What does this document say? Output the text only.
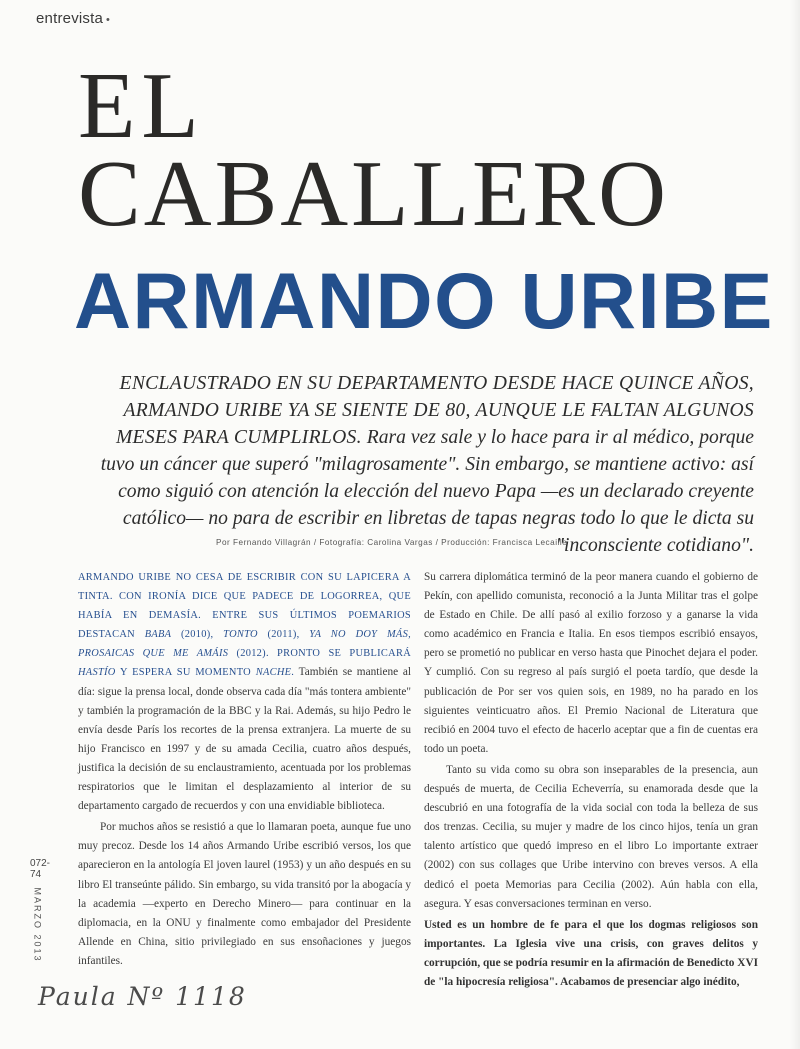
entrevista •
EL
CABALLERO
ARMANDO URIBE
ENCLAUSTRADO EN SU DEPARTAMENTO DESDE HACE QUINCE AÑOS, ARMANDO URIBE YA SE SIENTE DE 80, AUNQUE LE FALTAN ALGUNOS MESES PARA CUMPLIRLOS. Rara vez sale y lo hace para ir al médico, porque tuvo un cáncer que superó "milagrosamente". Sin embargo, se mantiene activo: así como siguió con atención la elección del nuevo Papa —es un declarado creyente católico— no para de escribir en libretas de tapas negras todo lo que le dicta su "inconsciente cotidiano".
Por Fernando Villagrán / Fotografía: Carolina Vargas / Producción: Francisca Lecaille

ARMANDO URIBE NO CESA DE ESCRIBIR CON SU LAPICERA A TINTA. CON IRONÍA DICE QUE PADECE DE LOGORREA, QUE HABÍA EN DEMASÍA. ENTRE SUS ÚLTIMOS POEMARIOS DESTACAN BABA (2010), TONTO (2011), YA NO DOY MÁS, PROSAICAS QUE ME AMÁIS (2012). PRONTO SE PUBLICARÁ HASTÍO Y ESPERA SU MOMENTO NACHE. También se mantiene al día: sigue la prensa local, donde observa cada día "más tontera ambiente" y también la programación de la BBC y la Rai. Además, su hijo Pedro le envía desde París los recortes de la prensa extranjera. La muerte de su hijo Francisco en 1997 y de su amada Cecilia, cuatro años después, justifica la decisión de su enclaustramiento, acentuada por los problemas respiratorios que le limitan el desplazamiento al interior de su departamento cargado de recuerdos y con una envidiable biblioteca.

Por muchos años se resistió a que lo llamaran poeta, aunque fue uno muy precoz. Desde los 14 años Armando Uribe escribió versos, los que aparecieron en la antología El joven laurel (1953) y un año después en su libro El transeúnte pálido. Sin embargo, su vida transitó por la abogacía y la academia —experto en Derecho Minero— para continuar en la diplomacia, en la ONU y finalmente como embajador del Presidente Allende en China, sitio privilegiado en sus ensoñaciones y juegos infantiles.

Su carrera diplomática terminó de la peor manera cuando el gobierno de Pekín, con apellido comunista, reconoció a la Junta Militar tras el golpe de Estado en Chile. De allí pasó al exilio forzoso y a ganarse la vida como académico en Francia e Italia. En esos tiempos escribió ensayos, pero se prometió no publicar en verso hasta que Pinochet dejara el poder. Y cumplió. Con su regreso al país surgió el poeta tardío, que desde la publicación de Por ser vos quien sois, en 1989, no ha parado en los siguientes veinticuatro años. El Premio Nacional de Literatura que recibió en 2004 tuvo el efecto de hacerlo aceptar que a fin de cuentas era todo un poeta.

Tanto su vida como su obra son inseparables de la presencia, aun después de muerta, de Cecilia Echeverría, su enamorada desde que la descubrió en una fotografía de la vida social con toda la belleza de sus dos trenzas. Cecilia, su mujer y madre de los cinco hijos, tenía un gran talento artístico que quedó impreso en el libro Lo importante extraer (2002) con sus collages que Uribe intervino con breves versos. A ella dedicó el poeta Memorias para Cecilia (2002). Aún habla con ella, asegura. Y esas conversaciones terminan en verso.

Usted es un hombre de fe para el que los dogmas religiosos son importantes. La Iglesia vive una crisis, con graves delitos y corrupción, que se podría resumir en la afirmación de Benedicto XVI de "la hipocresía religiosa". Acabamos de presenciar algo inédito,

072-74
MARZO 2013
Paula Nº 1118
